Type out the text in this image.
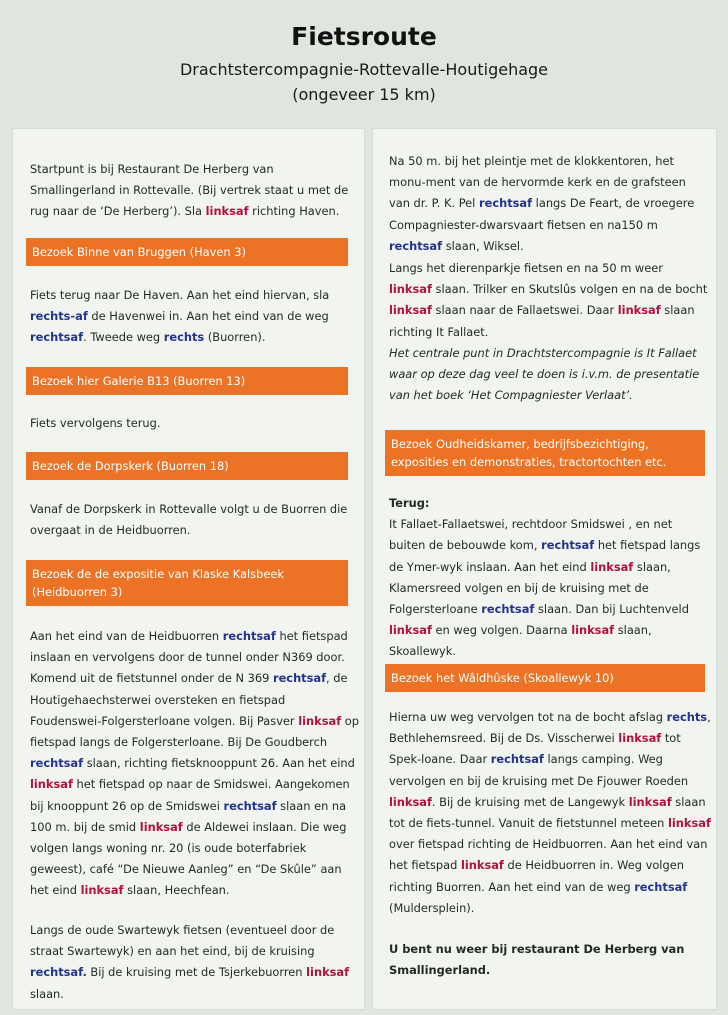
Fietsroute
Drachtstercompagnie-Rottevalle-Houtigehage
(ongeveer 15 km)

Startpunt is bij Restaurant De Herberg van Smallingerland in Rottevalle. (Bij vertrek staat u met de rug naar de ‘De Herberg’). Sla linksaf richting Haven.

Bezoek Binne van Bruggen (Haven 3)

Fiets terug naar De Haven. Aan het eind hiervan, sla rechts-af de Havenwei in. Aan het eind van de weg rechtsaf. Tweede weg rechts (Buorren).

Bezoek hier Galerie B13 (Buorren 13)

Fiets vervolgens terug.

Bezoek de Dorpskerk (Buorren 18)

Vanaf de Dorpskerk in Rottevalle volgt u de Buorren die overgaat in de Heidbuorren.

Bezoek de de expositie van Klaske Kalsbeek (Heidbuorren 3)

Aan het eind van de Heidbuorren rechtsaf het fietspad inslaan en vervolgens door de tunnel onder N369 door. Komend uit de fietstunnel onder de N 369 rechtsaf, de Houtigehaechsterwei oversteken en fietspad Foudenswei-Folgersterloane volgen. Bij Pasver linksaf op fietspad langs de Folgersterloane. Bij De Goudberch rechtsaf slaan, richting fietsknooppunt 26. Aan het eind linksaf het fietspad op naar de Smidswei. Aangekomen bij knooppunt 26 op de Smidswei rechtsaf slaan en na 100 m. bij de smid linksaf de Aldewei inslaan. Die weg volgen langs woning nr. 20 (is oude boterfabriek geweest), café “De Nieuwe Aanleg” en “De Skûle” aan het eind linksaf slaan, Heechfean.

Langs de oude Swartewyk fietsen (eventueel door de straat Swartewyk) en aan het eind, bij de kruising rechtsaf. Bij de kruising met de Tsjerkebuorren linksaf slaan.

Na 50 m. bij het pleintje met de klokkentoren, het monu-ment van de hervormde kerk en de grafsteen van dr. P. K. Pel rechtsaf langs De Feart, de vroegere Compagniester-dwarsvaart fietsen en na150 m rechtsaf slaan, Wiksel.

Langs het dierenparkje fietsen en na 50 m weer linksaf slaan. Trilker en Skutslûs volgen en na de bocht linksaf slaan naar de Fallaetswei. Daar linksaf slaan richting It Fallaet.

Het centrale punt in Drachtstercompagnie is It Fallaet waar op deze dag veel te doen is i.v.m. de presentatie van het boek ‘Het Compagniester Verlaat’.

Bezoek Oudheidskamer, bedrijfsbezichtiging, exposities en demonstraties, tractortochten etc.

Terug:
It Fallaet-Fallaetswei, rechtdoor Smidswei , en net buiten de bebouwde kom, rechtsaf het fietspad langs de Ymer-wyk inslaan. Aan het eind linksaf slaan, Klamersreed volgen en bij de kruising met de Folgersterloane rechtsaf slaan. Dan bij Luchtenveld linksaf en weg volgen. Daarna linksaf slaan, Skoallewyk.

Bezoek het Wâldhûske (Skoallewyk 10)

Hierna uw weg vervolgen tot na de bocht afslag rechts, Bethlehemsreed. Bij de Ds. Visscherwei linksaf tot Spek-loane. Daar rechtsaf langs camping. Weg vervolgen en bij de kruising met De Fjouwer Roeden linksaf. Bij de kruising met de Langewyk linksaf slaan tot de fiets-tunnel. Vanuit de fietstunnel meteen linksaf over fietspad richting de Heidbuorren. Aan het eind van het fietspad linksaf de Heidbuorren in. Weg volgen richting Buorren. Aan het eind van de weg rechtsaf (Muldersplein).

U bent nu weer bij restaurant De Herberg van Smallingerland.
